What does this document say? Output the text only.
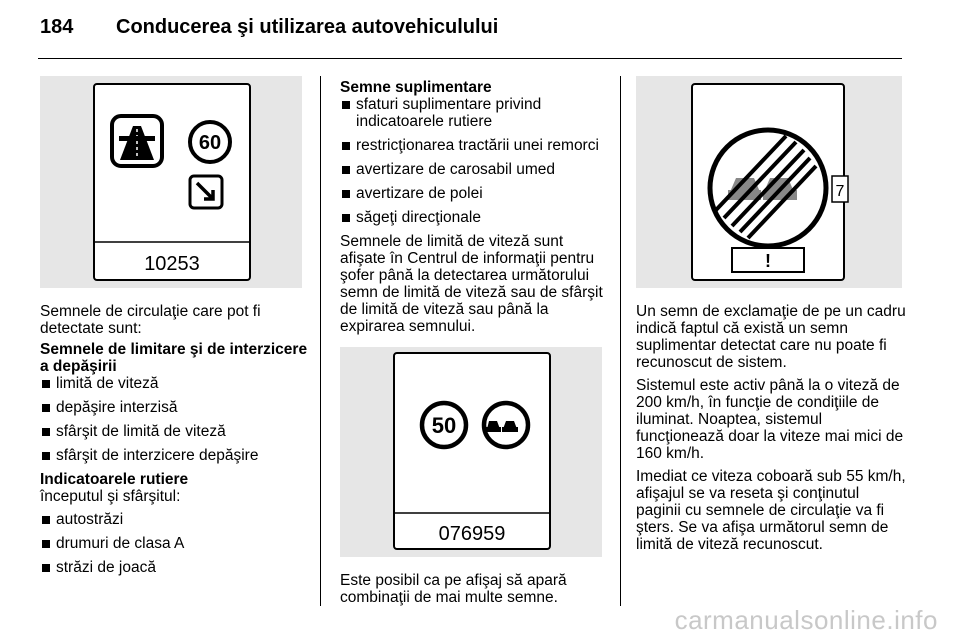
184	Conducerea şi utilizarea autovehiculului
60
10253

Semnele de circulaţie care pot fi detectate sunt:

Semnele de limitare şi de interzicere a depăşirii

limită de viteză
depăşire interzisă
sfârşit de limită de viteză
sfârşit de interzicere depăşire

Indicatoarele rutiere

începutul şi sfârşitul:

autostrăzi
drumuri de clasa A
străzi de joacă

Semne suplimentare

sfaturi suplimentare privind indicatoarele rutiere
restricţionarea tractării unei remorci
avertizare de carosabil umed
avertizare de polei
săgeţi direcţionale

Semnele de limită de viteză sunt afişate în Centrul de informaţii pentru şofer până la detectarea următorului semn de limită de viteză sau de sfârşit de limită de viteză sau până la expirarea semnului.

50
076959

Este posibil ca pe afişaj să apară combinaţii de mai multe semne.

7
!

Un semn de exclamaţie de pe un cadru indică faptul că există un semn suplimentar detectat care nu poate fi recunoscut de sistem.

Sistemul este activ până la o viteză de 200 km/h, în funcţie de condiţiile de iluminat. Noaptea, sistemul funcţionează doar la viteze mai mici de 160 km/h.

Imediat ce viteza coboară sub 55 km/h, afişajul se va reseta şi conţinutul paginii cu semnele de circulaţie va fi şters. Se va afişa următorul semn de limită de viteză recunoscut.

carmanualsonline.info
